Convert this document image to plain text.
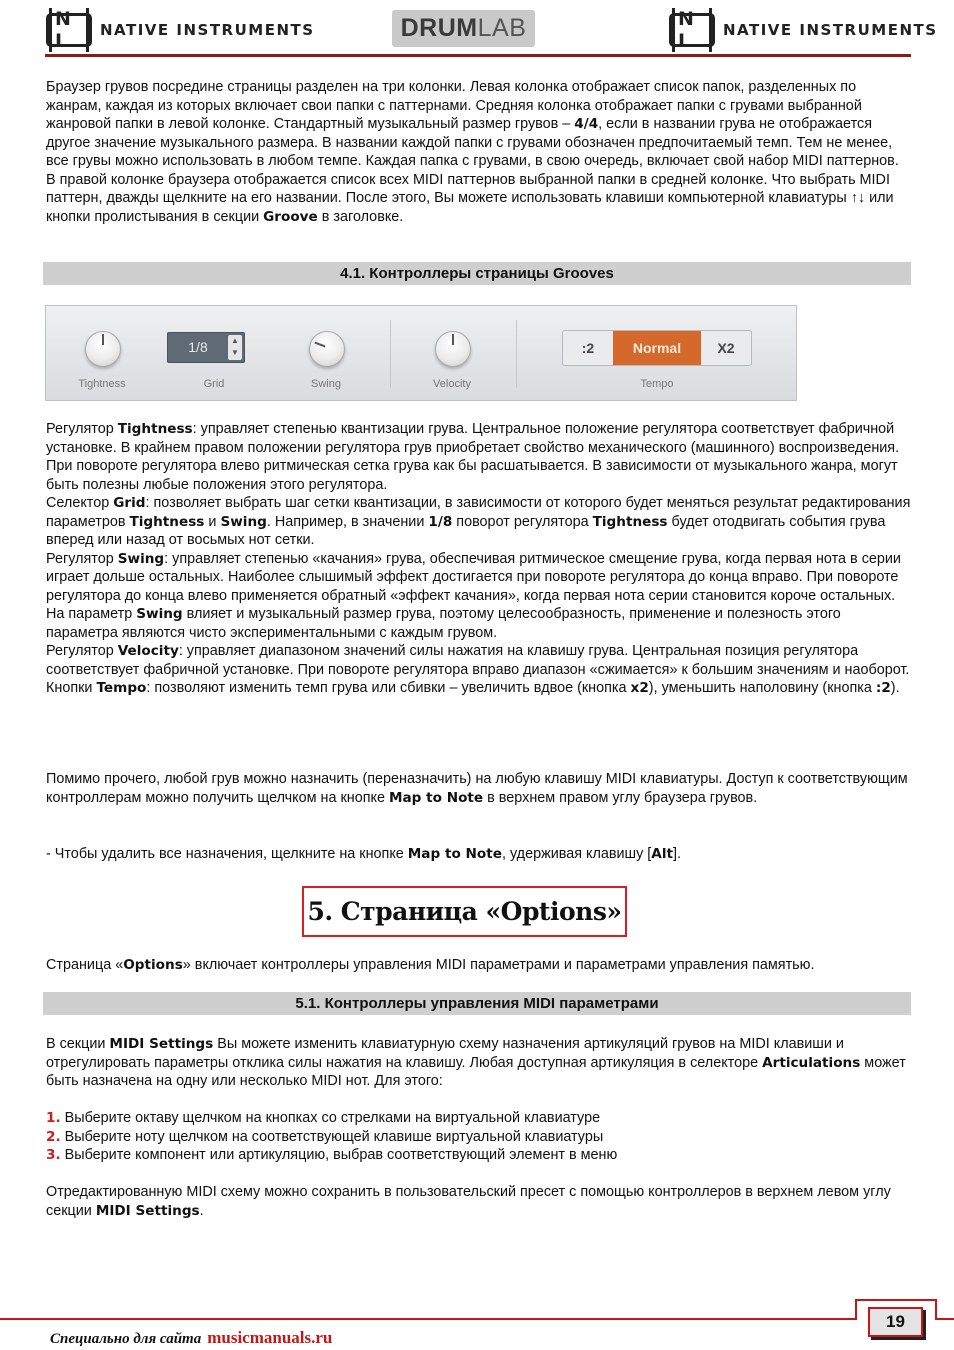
N I	NATIVE INSTRUMENTS	DRUM LAB	N I	NATIVE INSTRUMENTS
Браузер грувов посредине страницы разделен на три колонки. Левая колонка отображает список папок, разделенных по жанрам, каждая из которых включает свои папки с паттернами. Средняя колонка отображает папки с грувами выбранной жанровой папки в левой колонке. Стандартный музыкальный размер грувов – 4/4, если в названии грува не отображается другое значение музыкального размера. В названии каждой папки с грувами обозначен предпочитаемый темп. Тем не менее, все грувы можно использовать в любом темпе. Каждая папка с грувами, в свою очередь, включает свой набор MIDI паттернов. В правой колонке браузера отображается список всех MIDI паттернов выбранной папки в средней колонке. Что выбрать MIDI паттерн, дважды щелкните на его названии. После этого, Вы можете использовать клавиши компьютерной клавиатуры ↑↓ или кнопки пролистывания в секции Groove в заголовке.
4.1. Контроллеры страницы Grooves
Tightness
1/8	▲
▼
Grid	Swing	Velocity
:2	Normal	X2
Tempo
Регулятор Tightness: управляет степенью квантизации грува. Центральное положение регулятора соответствует фабричной установке. В крайнем правом положении регулятора грув приобретает свойство механического (машинного) воспроизведения. При повороте регулятора влево ритмическая сетка грува как бы расшатывается. В зависимости от музыкального жанра, могут быть полезны любые положения этого регулятора.
Селектор Grid: позволяет выбрать шаг сетки квантизации, в зависимости от которого будет меняться результат редактирования параметров Tightness и Swing. Например, в значении 1/8 поворот регулятора Tightness будет отодвигать события грува вперед или назад от восьмых нот сетки.
Регулятор Swing: управляет степенью «качания» грува, обеспечивая ритмическое смещение грува, когда первая нота в серии играет дольше остальных. Наиболее слышимый эффект достигается при повороте регулятора до конца вправо. При повороте регулятора до конца влево применяется обратный «эффект качания», когда первая нота серии становится короче остальных. На параметр Swing влияет и музыкальный размер грува, поэтому целесообразность, применение и полезность этого параметра являются чисто экспериментальными с каждым грувом.
Регулятор Velocity: управляет диапазоном значений силы нажатия на клавишу грува. Центральная позиция регулятора соответствует фабричной установке. При повороте регулятора вправо диапазон «сжимается» к большим значениям и наоборот.
Кнопки Tempo: позволяют изменить темп грува или сбивки – увеличить вдвое (кнопка x2), уменьшить наполовину (кнопка :2).
Помимо прочего, любой грув можно назначить (переназначить) на любую клавишу MIDI клавиатуры. Доступ к соответствующим контроллерам можно получить щелчком на кнопке Map to Note в верхнем правом углу браузера грувов.
- Чтобы удалить все назначения, щелкните на кнопке Map to Note, удерживая клавишу [Alt].
5. Страница «Options»
Страница «Options» включает контроллеры управления MIDI параметрами и параметрами управления памятью.
5.1. Контроллеры управления MIDI параметрами
В секции MIDI Settings Вы можете изменить клавиатурную схему назначения артикуляций грувов на MIDI клавиши и отрегулировать параметры отклика силы нажатия на клавишу. Любая доступная артикуляция в селекторе Articulations может быть назначена на одну или несколько MIDI нот. Для этого:
1. Выберите октаву щелчком на кнопках со стрелками на виртуальной клавиатуре
2. Выберите ноту щелчком на соответствующей клавише виртуальной клавиатуры
3. Выберите компонент или артикуляцию, выбрав соответствующий элемент в меню
Отредактированную MIDI схему можно сохранить в пользовательский пресет с помощью контроллеров в верхнем левом углу секции MIDI Settings.
19
Специально для сайта musicmanuals.ru
